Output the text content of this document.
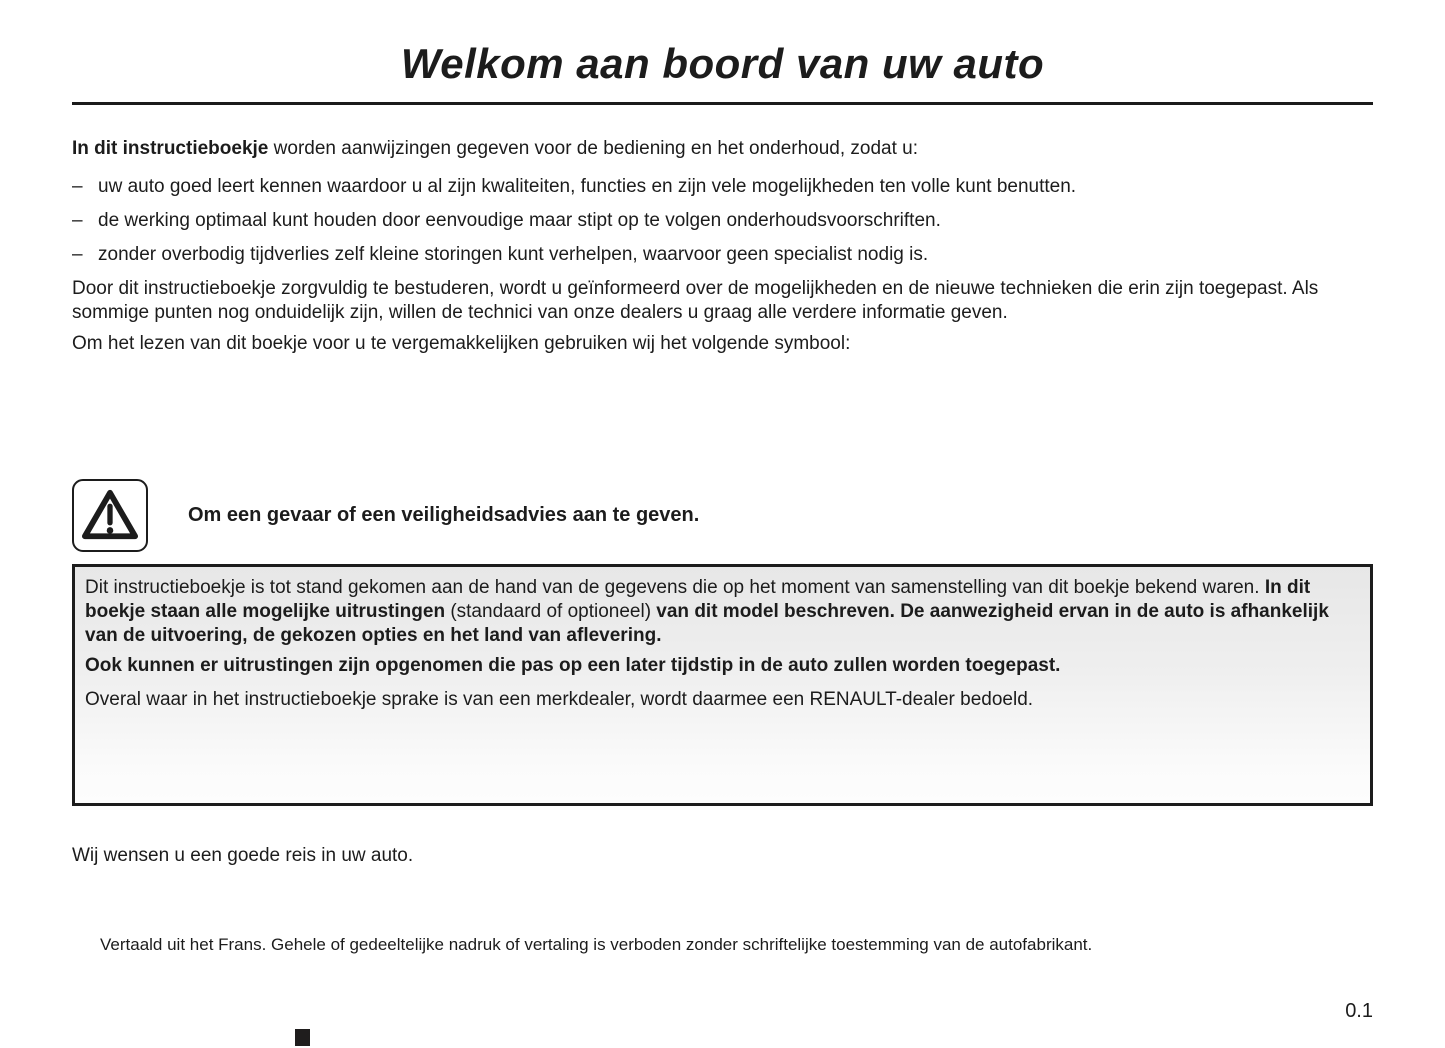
Welkom aan boord van uw auto

In dit instructieboekje worden aanwijzingen gegeven voor de bediening en het onderhoud, zodat u:

– uw auto goed leert kennen waardoor u al zijn kwaliteiten, functies en zijn vele mogelijkheden ten volle kunt benutten.
– de werking optimaal kunt houden door eenvoudige maar stipt op te volgen onderhoudsvoorschriften.
– zonder overbodig tijdverlies zelf kleine storingen kunt verhelpen, waarvoor geen specialist nodig is.

Door dit instructieboekje zorgvuldig te bestuderen, wordt u geïnformeerd over de mogelijkheden en de nieuwe technieken die erin zijn toegepast. Als sommige punten nog onduidelijk zijn, willen de technici van onze dealers u graag alle verdere informatie geven.

Om het lezen van dit boekje voor u te vergemakkelijken gebruiken wij het volgende symbool:

Om een gevaar of een veiligheidsadvies aan te geven.

Dit instructieboekje is tot stand gekomen aan de hand van de gegevens die op het moment van samenstelling van dit boekje bekend waren. In dit boekje staan alle mogelijke uitrustingen (standaard of optioneel) van dit model beschreven. De aanwezigheid ervan in de auto is afhankelijk van de uitvoering, de gekozen opties en het land van aflevering.

Ook kunnen er uitrustingen zijn opgenomen die pas op een later tijdstip in de auto zullen worden toegepast.

Overal waar in het instructieboekje sprake is van een merkdealer, wordt daarmee een RENAULT-dealer bedoeld.

Wij wensen u een goede reis in uw auto.

Vertaald uit het Frans. Gehele of gedeeltelijke nadruk of vertaling is verboden zonder schriftelijke toestemming van de autofabrikant.

0.1
